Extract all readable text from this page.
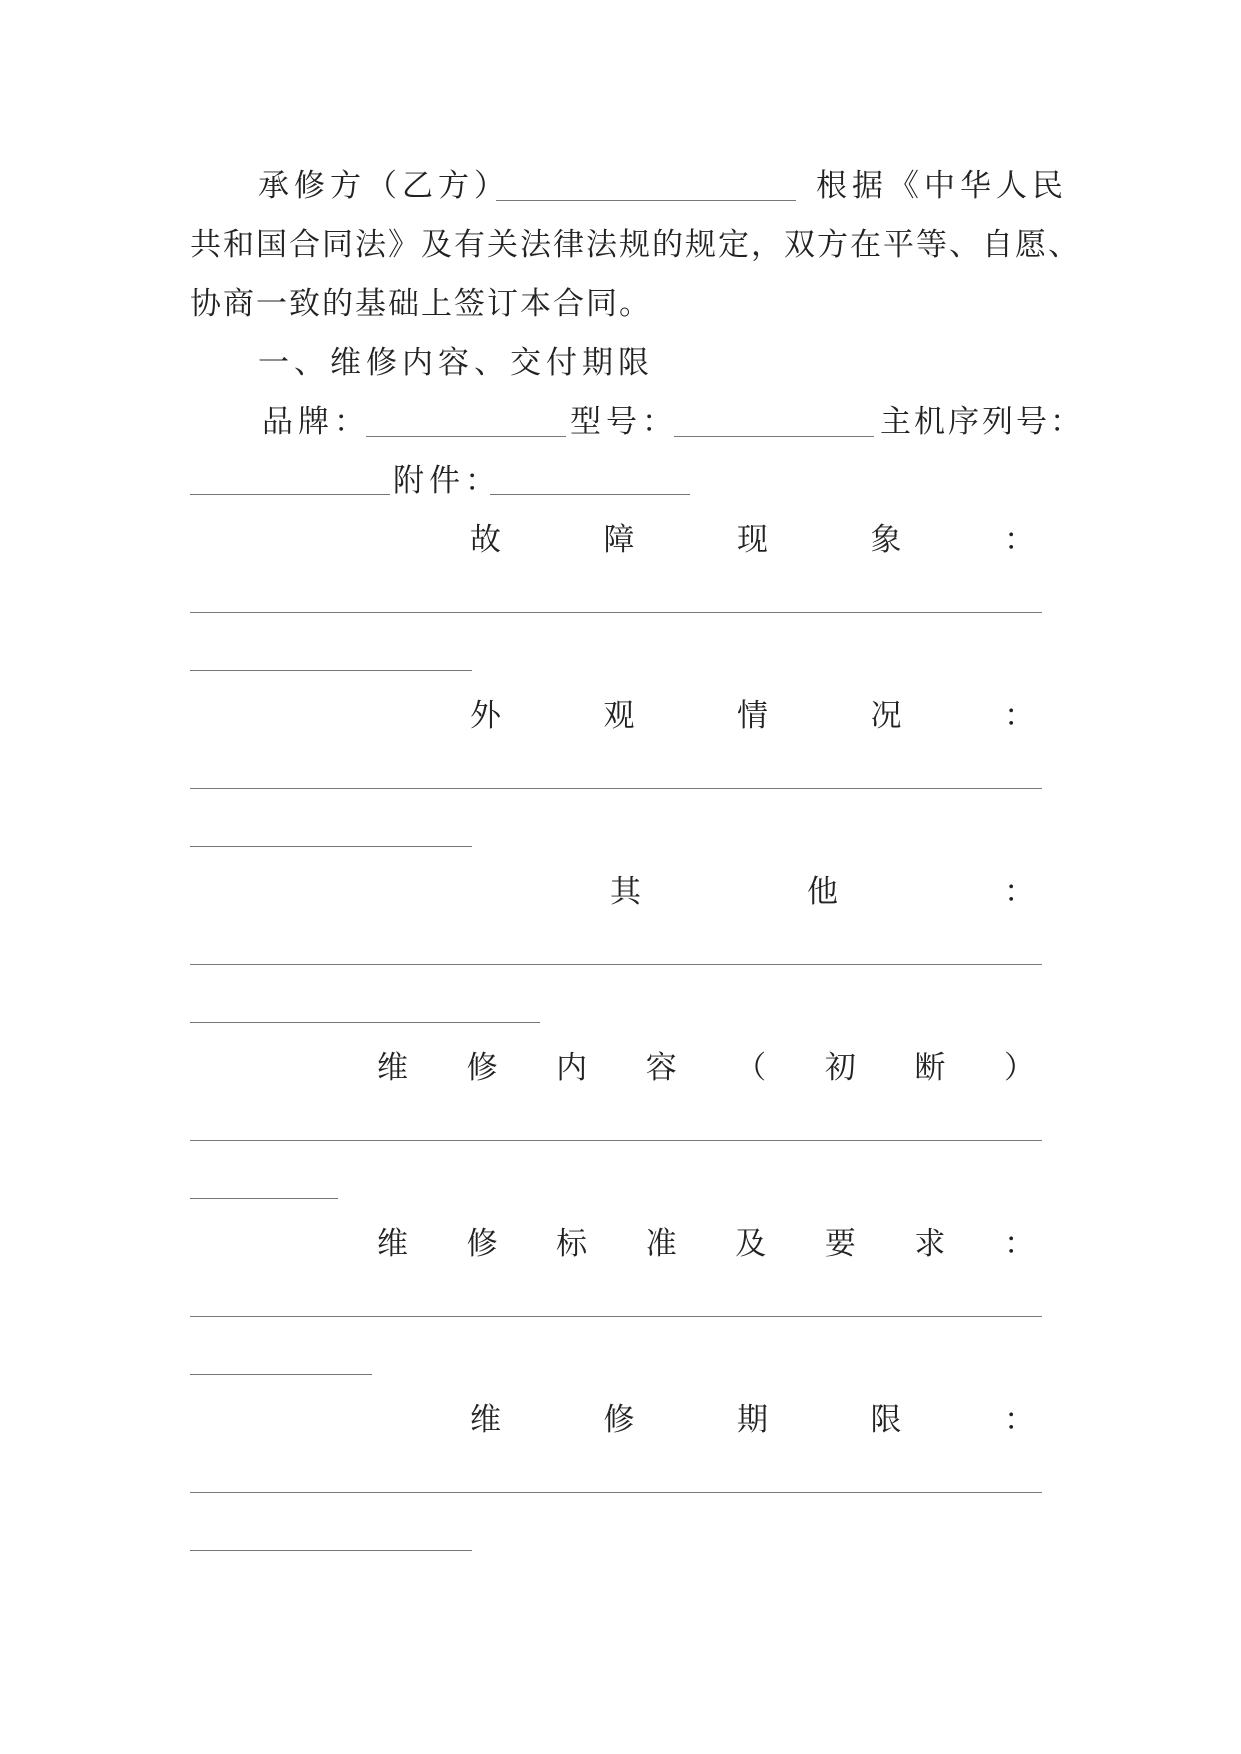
承修方（乙方）	根据《中华人民
共和国合同法》及有关法律法规的规定，双方在平等、自愿、
协商一致的基础上签订本合同。
一、维修内容、交付期限
品牌：	型号：	主机序列号：
附件：
故	障	现	象	：
外	观	情	况	：
其	他	：
维 修 内 容 （ 初 断 ）
维 修 标 准 及 要 求 ：
维	修	期	限	：
